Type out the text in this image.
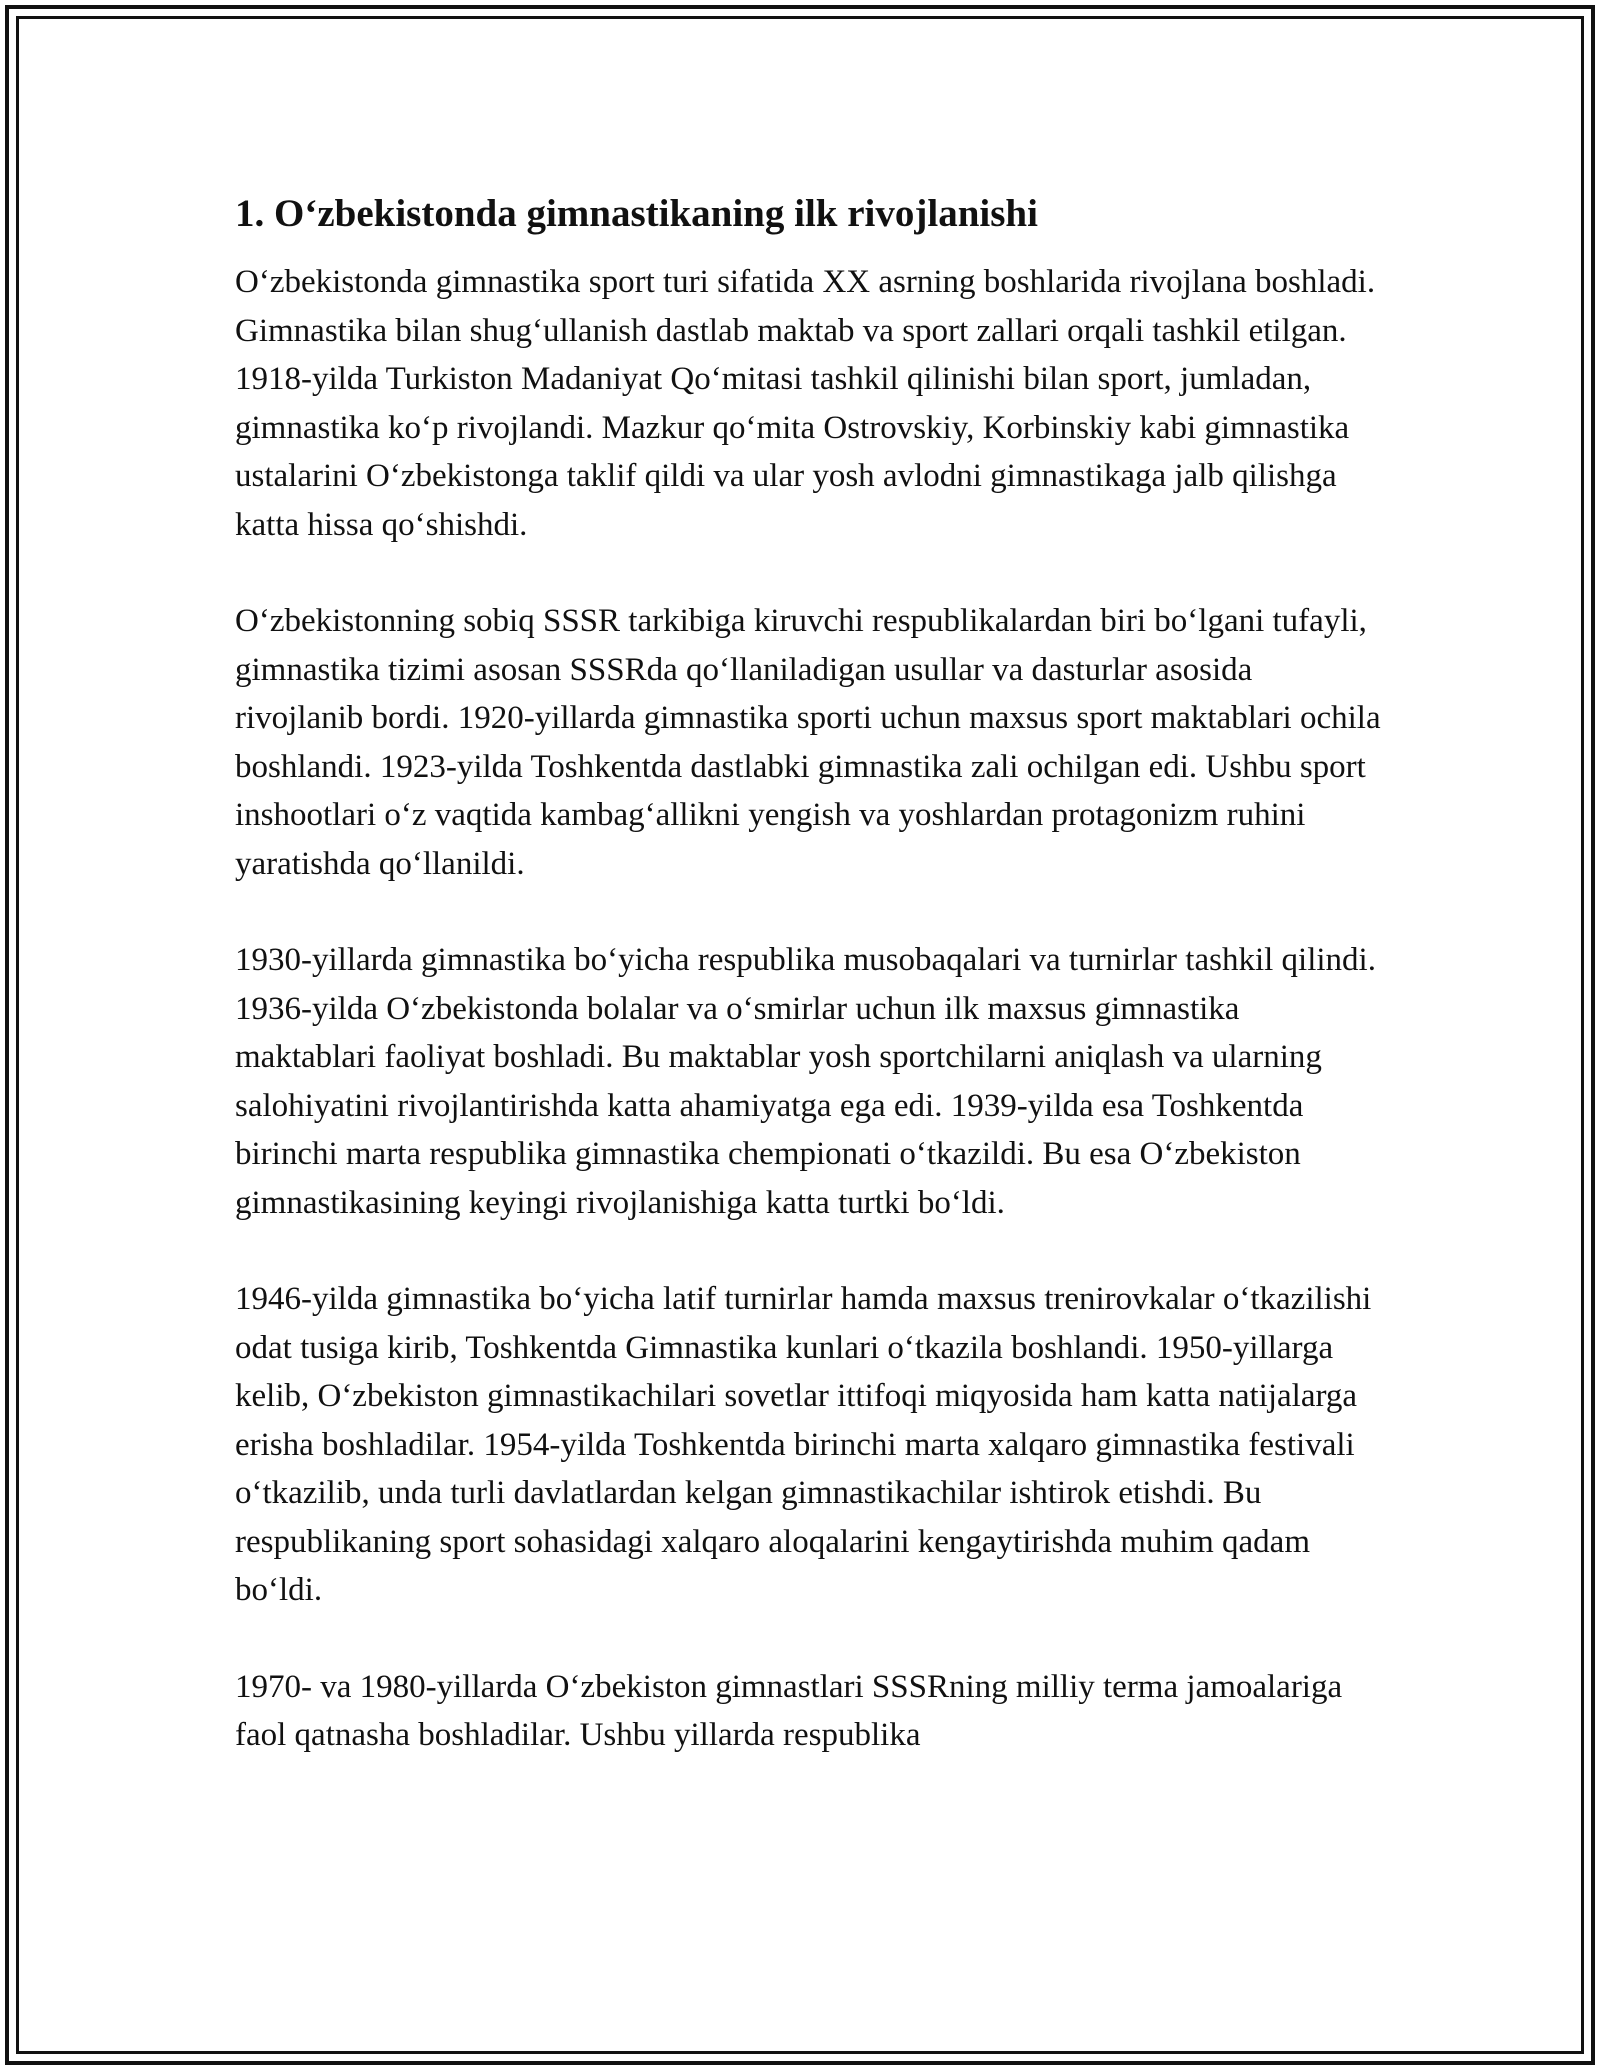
1. O‘zbekistonda gimnastikaning ilk rivojlanishi

O‘zbekistonda gimnastika sport turi sifatida XX asrning boshlarida rivojlana boshladi. Gimnastika bilan shug‘ullanish dastlab maktab va sport zallari orqali tashkil etilgan. 1918-yilda Turkiston Madaniyat Qo‘mitasi tashkil qilinishi bilan sport, jumladan, gimnastika ko‘p rivojlandi. Mazkur qo‘mita Ostrovskiy, Korbinskiy kabi gimnastika ustalarini O‘zbekistonga taklif qildi va ular yosh avlodni gimnastikaga jalb qilishga katta hissa qo‘shishdi.

O‘zbekistonning sobiq SSSR tarkibiga kiruvchi respublikalardan biri bo‘lgani tufayli, gimnastika tizimi asosan SSSRda qo‘llaniladigan usullar va dasturlar asosida rivojlanib bordi. 1920-yillarda gimnastika sporti uchun maxsus sport maktablari ochila boshlandi. 1923-yilda Toshkentda dastlabki gimnastika zali ochilgan edi. Ushbu sport inshootlari o‘z vaqtida kambag‘allikni yengish va yoshlardan protagonizm ruhini yaratishda qo‘llanildi.

1930-yillarda gimnastika bo‘yicha respublika musobaqalari va turnirlar tashkil qilindi. 1936-yilda O‘zbekistonda bolalar va o‘smirlar uchun ilk maxsus gimnastika maktablari faoliyat boshladi. Bu maktablar yosh sportchilarni aniqlash va ularning salohiyatini rivojlantirishda katta ahamiyatga ega edi. 1939-yilda esa Toshkentda birinchi marta respublika gimnastika chempionati o‘tkazildi. Bu esa O‘zbekiston gimnastikasining keyingi rivojlanishiga katta turtki bo‘ldi.

1946-yilda gimnastika bo‘yicha latif turnirlar hamda maxsus trenirovkalar o‘tkazilishi odat tusiga kirib, Toshkentda Gimnastika kunlari o‘tkazila boshlandi. 1950-yillarga kelib, O‘zbekiston gimnastikachilari sovetlar ittifoqi miqyosida ham katta natijalarga erisha boshladilar. 1954-yilda Toshkentda birinchi marta xalqaro gimnastika festivali o‘tkazilib, unda turli davlatlardan kelgan gimnastikachilar ishtirok etishdi. Bu respublikaning sport sohasidagi xalqaro aloqalarini kengaytirishda muhim qadam bo‘ldi.

1970- va 1980-yillarda O‘zbekiston gimnastlari SSSRning milliy terma jamoalariga faol qatnasha boshladilar. Ushbu yillarda respublika
